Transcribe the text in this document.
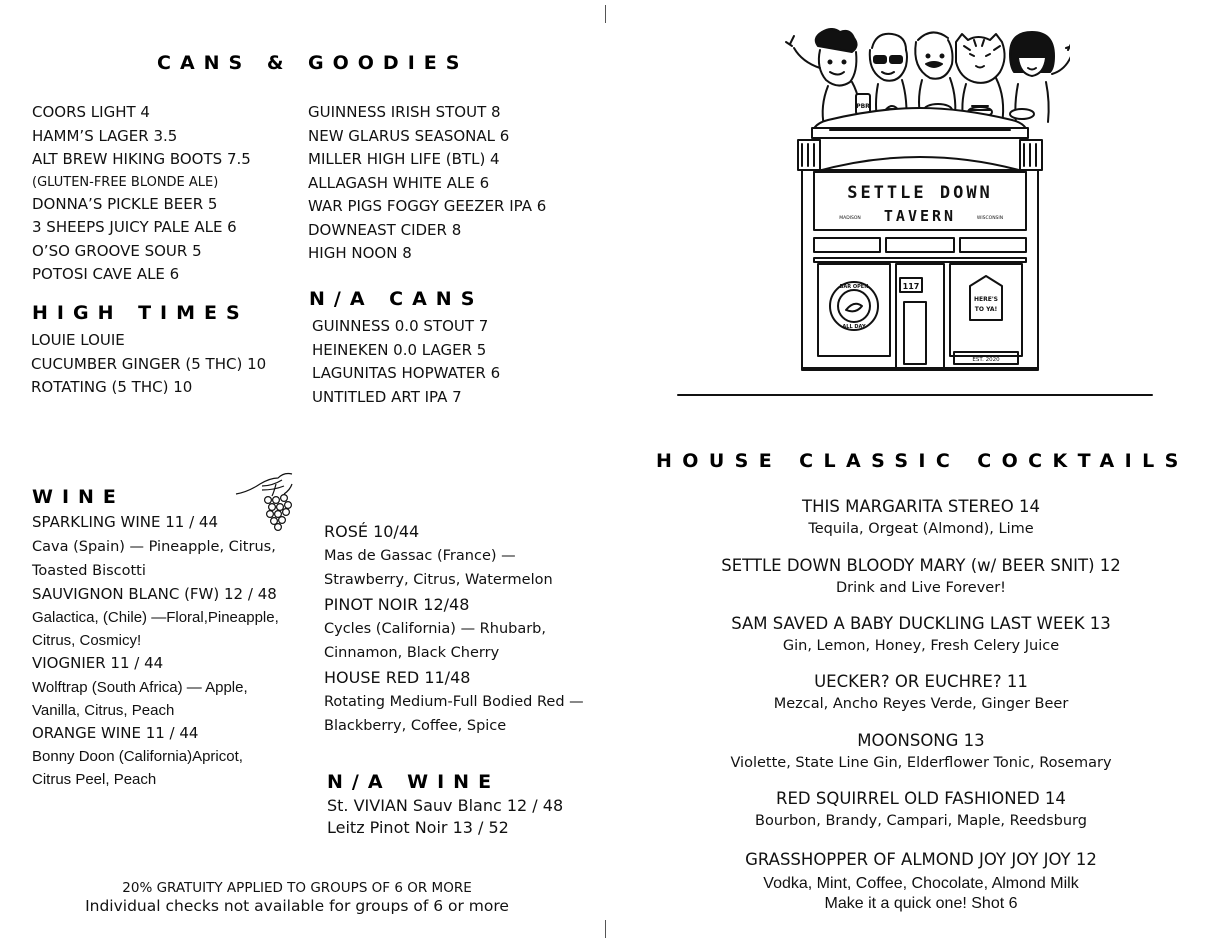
CANS & GOODIES
COORS LIGHT 4
HAMM’S LAGER 3.5
ALT BREW HIKING BOOTS 7.5
(GLUTEN-FREE BLONDE ALE)
DONNA’S PICKLE BEER 5
3 SHEEPS JUICY PALE ALE 6
O’SO GROOVE SOUR 5
POTOSI CAVE ALE 6
GUINNESS IRISH STOUT 8
NEW GLARUS SEASONAL 6
MILLER HIGH LIFE (BTL) 4
ALLAGASH WHITE ALE 6
WAR PIGS FOGGY GEEZER IPA 6
DOWNEAST CIDER 8
HIGH NOON 8
HIGH TIMES
LOUIE LOUIE
CUCUMBER GINGER (5 THC) 10
ROTATING (5 THC) 10
N/A CANS
GUINNESS 0.0 STOUT 7
HEINEKEN 0.0 LAGER 5
LAGUNITAS HOPWATER 6
UNTITLED ART IPA 7
PBR
SETTLE DOWN
TAVERN
MADISON	WISCONSIN
BAR OPEN
ALL DAY
HERE'S
TO YA!
117
EST. 2020
WINE
SPARKLING WINE 11 / 44
Cava (Spain) — Pineapple, Citrus, Toasted Biscotti
SAUVIGNON BLANC (FW) 12 / 48
Galactica, (Chile) —Floral,Pineapple, Citrus, Cosmicy!
VIOGNIER 11 / 44
Wolftrap (South Africa) — Apple, Vanilla, Citrus, Peach
ORANGE WINE 11 / 44
Bonny Doon (California)Apricot, Citrus Peel, Peach
ROSÉ 10/44
Mas de Gassac (France) — Strawberry, Citrus, Watermelon
PINOT NOIR 12/48
Cycles (California) — Rhubarb, Cinnamon, Black Cherry
HOUSE RED 11/48
Rotating Medium-Full Bodied Red — Blackberry, Coffee, Spice
N/A WINE
St. VIVIAN Sauv Blanc 12 / 48
Leitz Pinot Noir 13 / 52
20% GRATUITY APPLIED TO GROUPS OF 6 OR MORE
Individual checks not available for groups of 6 or more
HOUSE CLASSIC COCKTAILS
THIS MARGARITA STEREO 14
Tequila, Orgeat (Almond), Lime
SETTLE DOWN BLOODY MARY (w/ BEER SNIT) 12
Drink and Live Forever!
SAM SAVED A BABY DUCKLING LAST WEEK 13
Gin, Lemon, Honey, Fresh Celery Juice
UECKER? OR EUCHRE? 11
Mezcal, Ancho Reyes Verde, Ginger Beer
MOONSONG 13
Violette, State Line Gin, Elderflower Tonic, Rosemary
RED SQUIRREL OLD FASHIONED 14
Bourbon, Brandy, Campari, Maple, Reedsburg
GRASSHOPPER OF ALMOND JOY JOY JOY 12
Vodka, Mint, Coffee, Chocolate, Almond Milk
Make it a quick one! Shot 6
